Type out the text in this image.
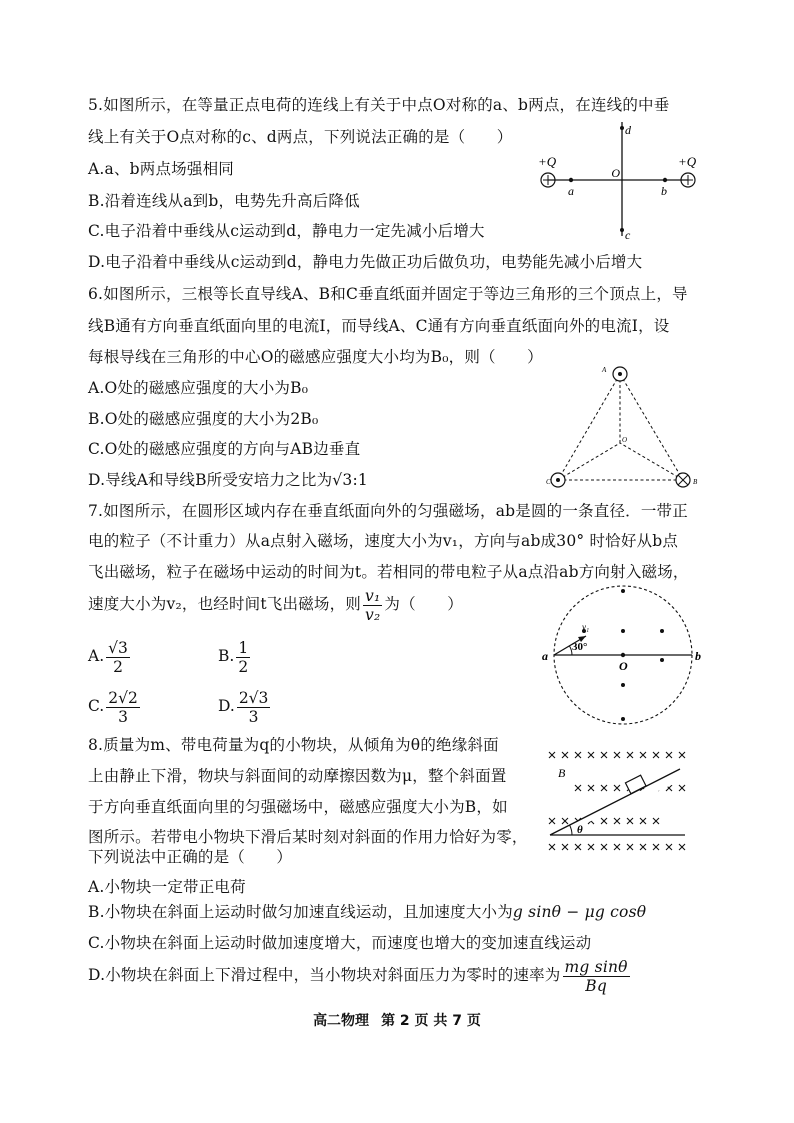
5.如图所示，在等量正点电荷的连线上有关于中点O对称的a、b两点，在连线的中垂
线上有关于O点对称的c、d两点，下列说法正确的是（　　）
A.a、b两点场强相同
B.沿着连线从a到b，电势先升高后降低
C.电子沿着中垂线从c运动到d，静电力一定先减小后增大
D.电子沿着中垂线从c运动到d，静电力先做正功后做负功，电势能先减小后增大
+Q	+Q
a	b
c
d
O
6.如图所示，三根等长直导线A、B和C垂直纸面并固定于等边三角形的三个顶点上，导
线B通有方向垂直纸面向里的电流I，而导线A、C通有方向垂直纸面向外的电流I，设
每根导线在三角形的中心O的磁感应强度大小均为B₀，则（　　）
A.O处的磁感应强度的大小为B₀
B.O处的磁感应强度的大小为2B₀
C.O处的磁感应强度的方向与AB边垂直
D.导线A和导线B所受安培力之比为√3:1
A
C	B
O
7.如图所示，在圆形区域内存在垂直纸面向外的匀强磁场，ab是圆的一条直径．一带正
电的粒子（不计重力）从a点射入磁场，速度大小为v₁，方向与ab成30° 时恰好从b点
飞出磁场，粒子在磁场中运动的时间为t。若相同的带电粒子从a点沿ab方向射入磁场，
速度大小为v₂，也经时间t飞出磁场，则 $\frac{\text{v₁}}{\text{v₂}}$ 为（　　）
A. $\frac{√3}{2}$	B. $\frac{1}{2}$
C. $\frac{2√2}{3}$	D. $\frac{2√3}{3}$
a	b
O
v₁
30°
8.质量为m、带电荷量为q的小物块，从倾角为θ的绝缘斜面
上由静止下滑，物块与斜面间的动摩擦因数为μ，整个斜面置
于方向垂直纸面向里的匀强磁场中，磁感应强度大小为B，如
图所示。若带电小物块下滑后某时刻对斜面的作用力恰好为零，
下列说法中正确的是（　　）
A.小物块一定带正电荷
B.小物块在斜面上运动时做匀加速直线运动，且加速度大小为g sinθ − μg cosθ
C.小物块在斜面上运动时做加速度增大，而速度也增大的变加速直线运动
D.小物块在斜面上下滑过程中，当小物块对斜面压力为零时的速率为 $\frac{\text{mg sinθ}}{Bq}$
θ
B
高二物理 第 2 页 共 7 页
